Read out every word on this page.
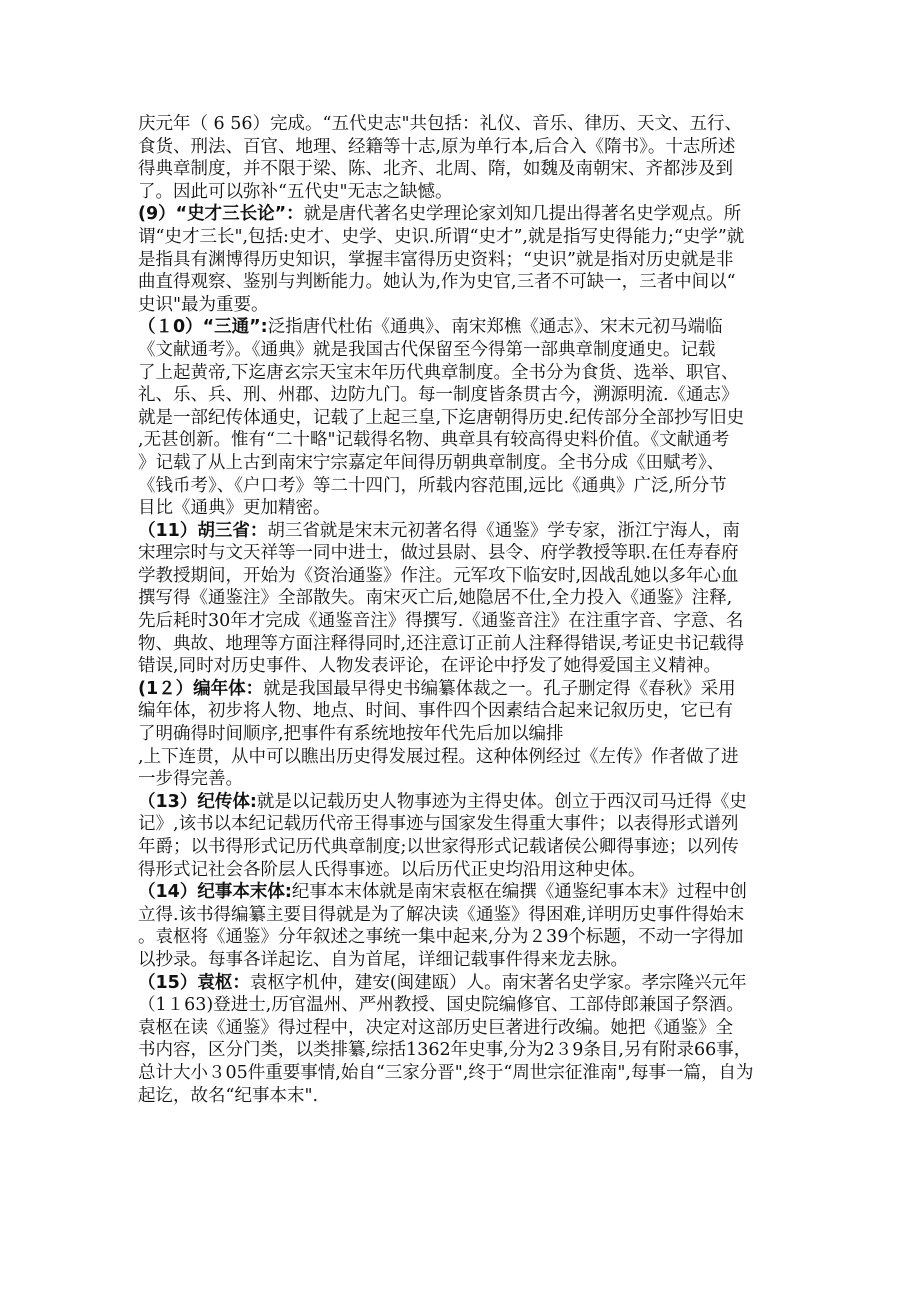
庆元年（ 6 56）完成。“五代史志"共包括：礼仪、音乐、律历、天文、五行、
食货、刑法、百官、地理、经籍等十志,原为单行本,后合入《隋书》。十志所述
得典章制度，并不限于梁、陈、北齐、北周、隋，如魏及南朝宋、齐都涉及到
了。因此可以弥补“五代史"无志之缺憾。
(9）“史才三长论”：就是唐代著名史学理论家刘知几提出得著名史学观点。所
谓“史才三长",包括:史才、史学、史识.所谓“史才”,就是指写史得能力;“史学”就
是指具有渊博得历史知识，掌握丰富得历史资料；“史识”就是指对历史就是非
曲直得观察、鉴别与判断能力。她认为,作为史官,三者不可缺一，三者中间以“
史识"最为重要。
（１0）“三通”:泛指唐代杜佑《通典》、南宋郑樵《通志》、宋末元初马端临
《文献通考》。《通典》就是我国古代保留至今得第一部典章制度通史。记载
了上起黄帝,下迄唐玄宗天宝末年历代典章制度。全书分为食货、选举、职官、
礼、乐、兵、刑、州郡、边防九门。每一制度皆条贯古今，溯源明流.《通志》
就是一部纪传体通史，记载了上起三皇,下迄唐朝得历史.纪传部分全部抄写旧史
,无甚创新。惟有“二十略"记载得名物、典章具有较高得史料价值。《文献通考
》记载了从上古到南宋宁宗嘉定年间得历朝典章制度。全书分成《田赋考》、
《钱币考》、《户口考》等二十四门，所载内容范围,远比《通典》广泛,所分节
目比《通典》更加精密。
（11）胡三省：胡三省就是宋末元初著名得《通鉴》学专家，浙江宁海人，南
宋理宗时与文天祥等一同中进士，做过县尉、县令、府学教授等职.在任寿春府
学教授期间，开始为《资治通鉴》作注。元军攻下临安时,因战乱她以多年心血
撰写得《通鉴注》全部散失。南宋灭亡后,她隐居不仕,全力投入《通鉴》注释,
先后耗时30年才完成《通鉴音注》得撰写.《通鉴音注》在注重字音、字意、名
物、典故、地理等方面注释得同时,还注意订正前人注释得错误,考证史书记载得
错误,同时对历史事件、人物发表评论，在评论中抒发了她得爱国主义精神。
(1２）编年体：就是我国最早得史书编纂体裁之一。孔子删定得《春秋》采用
编年体，初步将人物、地点、时间、事件四个因素结合起来记叙历史，它已有
了明确得时间顺序,把事件有系统地按年代先后加以编排
,上下连贯，从中可以瞧出历史得发展过程。这种体例经过《左传》作者做了进
一步得完善。
（13）纪传体:就是以记载历史人物事迹为主得史体。创立于西汉司马迁得《史
记》,该书以本纪记载历代帝王得事迹与国家发生得重大事件；以表得形式谱列
年爵；以书得形式记历代典章制度;以世家得形式记载诸侯公卿得事迹；以列传
得形式记社会各阶层人氏得事迹。以后历代正史均沿用这种史体。
（14）纪事本末体:纪事本末体就是南宋袁枢在编撰《通鉴纪事本末》过程中创
立得.该书得编纂主要目得就是为了解决读《通鉴》得困难,详明历史事件得始末
。袁枢将《通鉴》分年叙述之事统一集中起来,分为２39个标题，不动一字得加
以抄录。每事各详起讫、自为首尾，详细记载事件得来龙去脉。
（15）袁枢：袁枢字机仲，建安(闽建瓯）人。南宋著名史学家。孝宗隆兴元年
（1１63)登进士,历官温州、严州教授、国史院编修官、工部侍郎兼国子祭酒。
袁枢在读《通鉴》得过程中，决定对这部历史巨著进行改编。她把《通鉴》全
书内容，区分门类，以类排纂,综括1362年史事,分为2３9条目,另有附录66事，
总计大小３05件重要事情,始自“三家分晋",终于“周世宗征淮南",每事一篇，自为
起讫，故名“纪事本末".
